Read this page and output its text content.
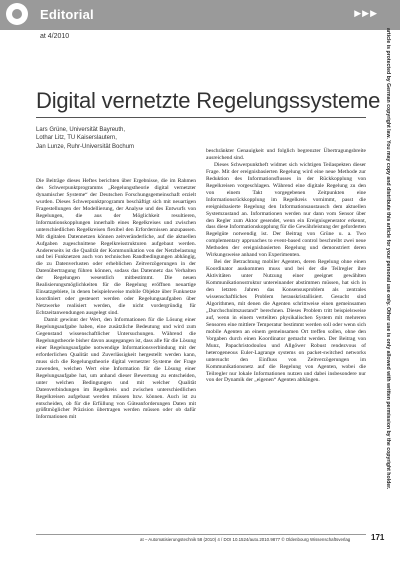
Editorial	▶▶▶
at 4/2010
Digital vernetzte Regelungssysteme
Lars Grüne, Universität Bayreuth,
Lothar Litz, TU Kaiserslautern,
Jan Lunze, Ruhr-Universität Bochum

Die Beiträge dieses Heftes berichten über Ergebnisse, die im Rahmen des Schwerpunktprogramms „Regelungstheorie digital vernetzter dynamischer Systeme“ der Deutschen Forschungsgemeinschaft erzielt wurden. Dieses Schwerpunktprogramm beschäftigt sich mit neuartigen Fragestellungen der Modellierung, der Analyse und des Entwurfs von Regelungen, die aus der Möglichkeit resultieren, Informationskopplungen innerhalb eines Regelkreises und zwischen unterschiedlichen Regelkreisen flexibel den Erfordernissen anzupassen. Mit digitalen Datennetzen können zeitveränderliche, auf die aktuellen Aufgaben zugeschnittene Regelkreisstrukturen aufgebaut werden. Andererseits ist die Qualität der Kommunikation von der Netzbelastung und bei Funknetzen auch von technischen Randbedingungen abhängig, die zu Datenverlusten oder erheblichen Zeitverzögerungen in der Datenübertragung führen können, sodass das Datennetz das Verhalten der Regelungen wesentlich mitbestimmt. Die neuen Realisierungsmöglichkeiten für die Regelung eröffnen neuartige Einsatzgebiete, in denen beispielsweise mobile Objekte über Funknetze koordiniert oder gesteuert werden oder Regelungsaufgaben über Netzwerke realisiert werden, die nicht vordergründig für Echtzeitanwendungen ausgelegt sind.

Damit gewinnt der Wert, den Informationen für die Lösung einer Regelungsaufgabe haben, eine zusätzliche Bedeutung und wird zum Gegenstand wissenschaftlicher Untersuchungen. Während die Regelungstheorie bisher davon ausgegangen ist, dass alle für die Lösung einer Regelungsaufgabe notwendige Informationsverbindung mit der erforderlichen Qualität und Zuverlässigkeit hergestellt werden kann, muss sich die Regelungstheorie digital vernetzter Systeme der Frage zuwenden, welchen Wert eine Information für die Lösung einer Regelungsaufgabe hat, um anhand dieser Bewertung zu entscheiden, unter welchen Bedingungen und mit welcher Qualität Datenverbindungen im Regelkreis und zwischen unterschiedlichen Regelkreisen aufgebaut werden müssen bzw. können. Auch ist zu entscheiden, ob für die Erfüllung von Güteanforderungen Daten mit größtmöglicher Präzision übertragen werden müssen oder ob dafür Informationen mit

beschränkter Genauigkeit und folglich begrenzter Übertragungsbreite ausreichend sind.

Dieses Schwerpunktheft widmet sich wichtigen Teilaspekten dieser Frage. Mit der ereignisbasierten Regelung wird eine neue Methode zur Reduktion des Informationsflusses in der Rückkopplung von Regelkreisen vorgeschlagen. Während eine digitale Regelung zu den von einem Takt vorgegebenen Zeitpunkten eine Informationsrückkopplung im Regelkreis vornimmt, passt die ereignisbasierte Regelung den Informationsaustausch dem aktuellen Systemzustand an. Informationen werden nur dann vom Sensor über den Regler zum Aktor gesendet, wenn ein Ereignisgenerator erkennt, dass diese Informationskopplung für die Gewährleistung der geforderten Regelgüte notwendig ist. Der Beitrag von Grüne u. a. Two complementary approaches to event-based control beschreibt zwei neue Methoden der ereignisbasierten Regelung und demonstriert deren Wirkungsweise anhand von Experimenten.

Bei der Betrachtung mobiler Agenten, deren Regelung ohne einen Koordinator auskommen muss und bei der die Teilregler ihre Aktivitäten unter Nutzung einer geeignet gewählten Kommunikationsstruktur untereinander abstimmen müssen, hat sich in den letzten Jahren das Konsensusproblem als zentrales wissenschaftliches Problem herauskristallisiert. Gesucht sind Algorithmen, mit denen die Agenten schrittweise einen gemeinsamen „Durchschnittszustand“ berechnen. Dieses Problem tritt beispielsweise auf, wenn in einem verteilten physikalischen System mit mehreren Sensoren eine mittlere Temperatur bestimmt werden soll oder wenn sich mobile Agenten an einem gemeinsamen Ort treffen sollen, ohne den Vorgaben durch einen Koordinator gemacht werden. Der Beitrag von Munz, Papachristodoulou und Allgöwer Robust rendezvous of heterogeneous Euler-Lagrange systems on packet-switched networks untersucht den Einfluss von Zeitverzögerungen im Kommunikationsnetz auf die Regelung von Agenten, wobei die Teilregler nur lokale Informationen nutzen und dabei insbesondere nur von der Dynamik der „eigenen“ Agenten abhängen.

at – Automatisierungstechnik 58 (2010) 4 / DOI 10.1524/auto.2010.9877 © Oldenbourg Wissenschaftsverlag	171
article is protected by German copyright law. You may copy and distribute this article for your personal use only. Other use is only allowed with written permission by the copyright holder.
